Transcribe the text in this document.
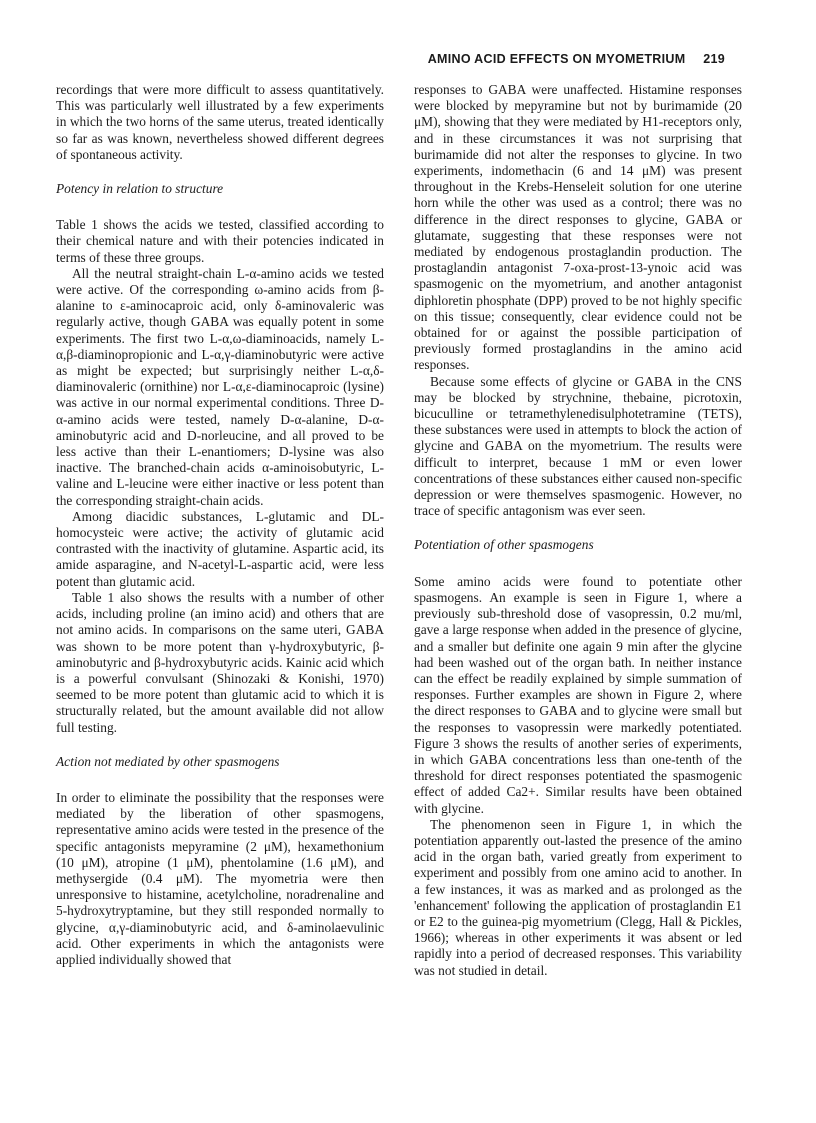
AMINO ACID EFFECTS ON MYOMETRIUM 219

recordings that were more difficult to assess quantitatively. This was particularly well illustrated by a few experiments in which the two horns of the same uterus, treated identically so far as was known, nevertheless showed different degrees of spontaneous activity.

Potency in relation to structure

Table 1 shows the acids we tested, classified according to their chemical nature and with their potencies indicated in terms of these three groups.

All the neutral straight-chain L-α-amino acids we tested were active. Of the corresponding ω-amino acids from β-alanine to ε-aminocaproic acid, only δ-aminovaleric was regularly active, though GABA was equally potent in some experiments. The first two L-α,ω-diaminoacids, namely L-α,β-diaminopropionic and L-α,γ-diaminobutyric were active as might be expected; but surprisingly neither L-α,δ-diaminovaleric (ornithine) nor L-α,ε-diaminocaproic (lysine) was active in our normal experimental conditions. Three D-α-amino acids were tested, namely D-α-alanine, D-α-aminobutyric acid and D-norleucine, and all proved to be less active than their L-enantiomers; D-lysine was also inactive. The branched-chain acids α-aminoisobutyric, L-valine and L-leucine were either inactive or less potent than the corresponding straight-chain acids.

Among diacidic substances, L-glutamic and DL-homocysteic were active; the activity of glutamic acid contrasted with the inactivity of glutamine. Aspartic acid, its amide asparagine, and N-acetyl-L-aspartic acid, were less potent than glutamic acid.

Table 1 also shows the results with a number of other acids, including proline (an imino acid) and others that are not amino acids. In comparisons on the same uteri, GABA was shown to be more potent than γ-hydroxybutyric, β-aminobutyric and β-hydroxybutyric acids. Kainic acid which is a powerful convulsant (Shinozaki & Konishi, 1970) seemed to be more potent than glutamic acid to which it is structurally related, but the amount available did not allow full testing.

Action not mediated by other spasmogens

In order to eliminate the possibility that the responses were mediated by the liberation of other spasmogens, representative amino acids were tested in the presence of the specific antagonists mepyramine (2 μM), hexamethonium (10 μM), atropine (1 μM), phentolamine (1.6 μM), and methysergide (0.4 μM). The myometria were then unresponsive to histamine, acetylcholine, noradrenaline and 5-hydroxytryptamine, but they still responded normally to glycine, α,γ-diaminobutyric acid, and δ-aminolaevulinic acid. Other experiments in which the antagonists were applied individually showed that

responses to GABA were unaffected. Histamine responses were blocked by mepyramine but not by burimamide (20 μM), showing that they were mediated by H1-receptors only, and in these circumstances it was not surprising that burimamide did not alter the responses to glycine. In two experiments, indomethacin (6 and 14 μM) was present throughout in the Krebs-Henseleit solution for one uterine horn while the other was used as a control; there was no difference in the direct responses to glycine, GABA or glutamate, suggesting that these responses were not mediated by endogenous prostaglandin production. The prostaglandin antagonist 7-oxa-prost-13-ynoic acid was spasmogenic on the myometrium, and another antagonist diphloretin phosphate (DPP) proved to be not highly specific on this tissue; consequently, clear evidence could not be obtained for or against the possible participation of previously formed prostaglandins in the amino acid responses.

Because some effects of glycine or GABA in the CNS may be blocked by strychnine, thebaine, picrotoxin, bicuculline or tetramethylenedisulphotetramine (TETS), these substances were used in attempts to block the action of glycine and GABA on the myometrium. The results were difficult to interpret, because 1 mM or even lower concentrations of these substances either caused non-specific depression or were themselves spasmogenic. However, no trace of specific antagonism was ever seen.

Potentiation of other spasmogens

Some amino acids were found to potentiate other spasmogens. An example is seen in Figure 1, where a previously sub-threshold dose of vasopressin, 0.2 mu/ml, gave a large response when added in the presence of glycine, and a smaller but definite one again 9 min after the glycine had been washed out of the organ bath. In neither instance can the effect be readily explained by simple summation of responses. Further examples are shown in Figure 2, where the direct responses to GABA and to glycine were small but the responses to vasopressin were markedly potentiated. Figure 3 shows the results of another series of experiments, in which GABA concentrations less than one-tenth of the threshold for direct responses potentiated the spasmogenic effect of added Ca2+. Similar results have been obtained with glycine.

The phenomenon seen in Figure 1, in which the potentiation apparently out-lasted the presence of the amino acid in the organ bath, varied greatly from experiment to experiment and possibly from one amino acid to another. In a few instances, it was as marked and as prolonged as the 'enhancement' following the application of prostaglandin E1 or E2 to the guinea-pig myometrium (Clegg, Hall & Pickles, 1966); whereas in other experiments it was absent or led rapidly into a period of decreased responses. This variability was not studied in detail.
